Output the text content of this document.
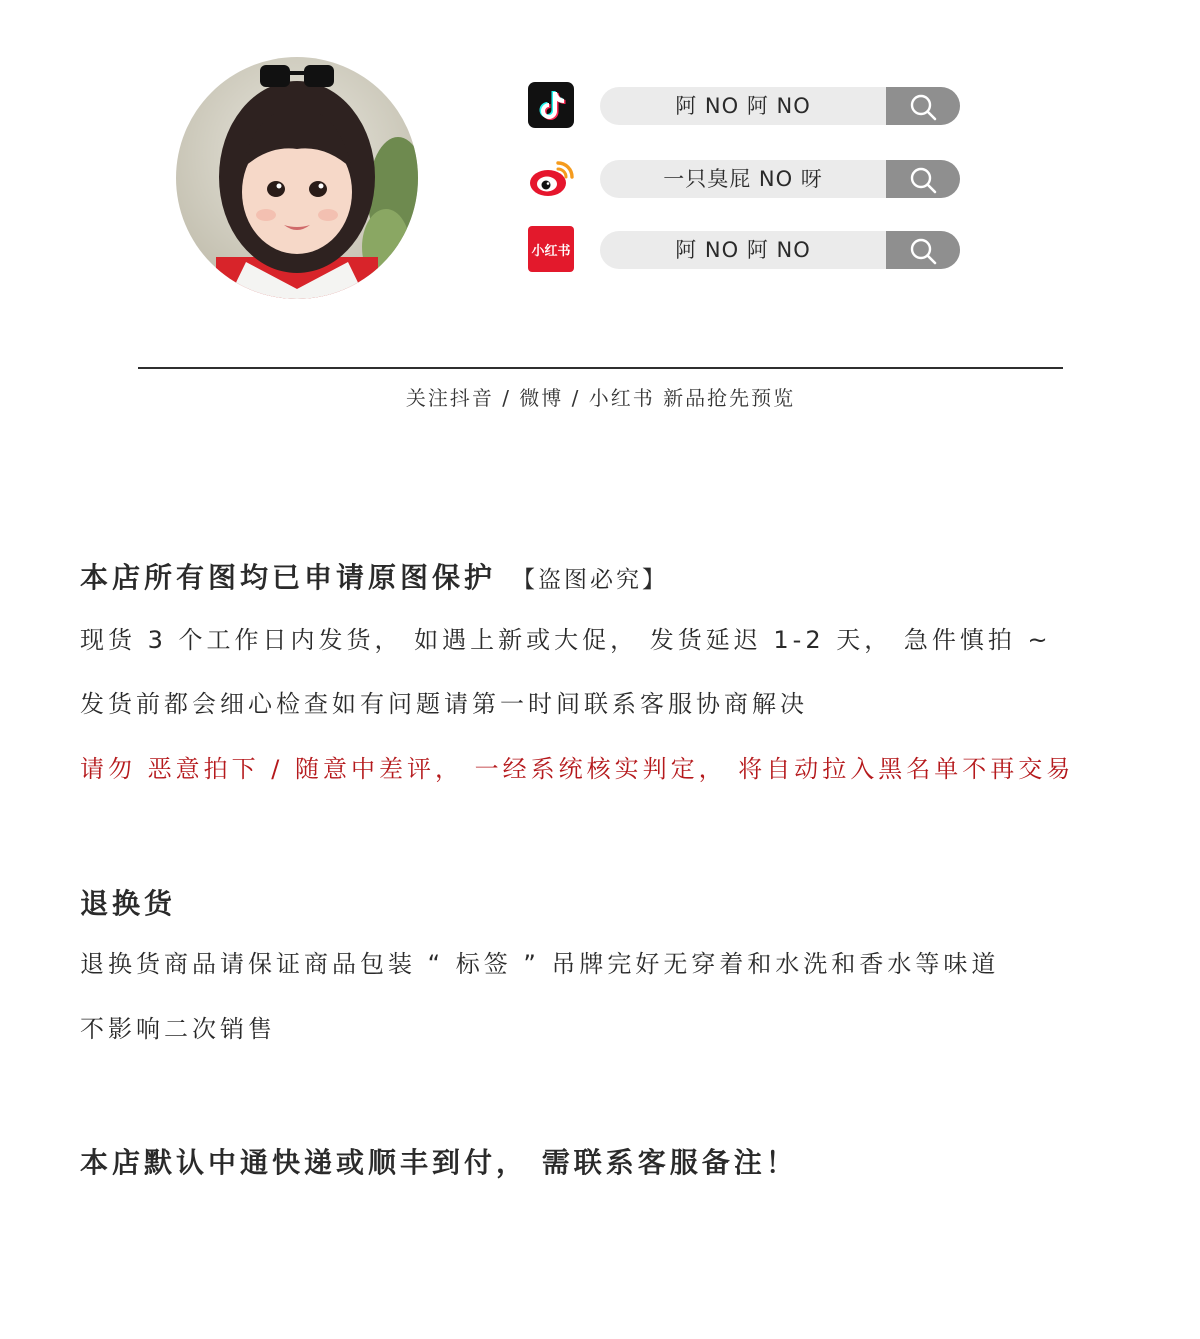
阿 NO 阿 NO
一只臭屁 NO 呀
小红书	阿 NO 阿 NO
关注抖音 / 微博 / 小红书 新品抢先预览
本店所有图均已申请原图保护 【盗图必究】
现货 3 个工作日内发货， 如遇上新或大促， 发货延迟 1-2 天， 急件慎拍 ~
发货前都会细心检查如有问题请第一时间联系客服协商解决
请勿 恶意拍下 / 随意中差评， 一经系统核实判定， 将自动拉入黑名单不再交易
退换货
退换货商品请保证商品包装 “ 标签 ” 吊牌完好无穿着和水洗和香水等味道
不影响二次销售
本店默认中通快递或顺丰到付， 需联系客服备注！
